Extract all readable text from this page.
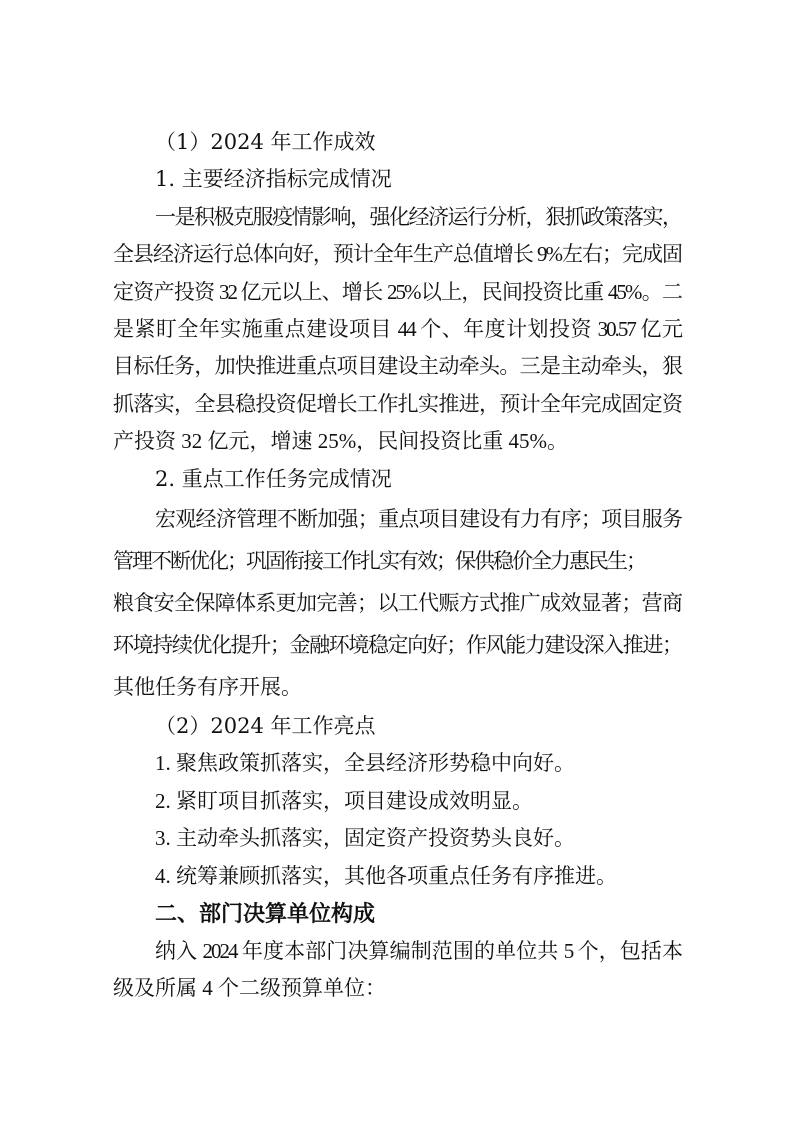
（1）2024 年工作成效
1. 主要经济指标完成情况
一是积极克服疫情影响，强化经济运行分析，狠抓政策落实，
全县经济运行总体向好，预计全年生产总值增长 9%左右；完成固
定资产投资 32 亿元以上、增长 25%以上，民间投资比重 45%。二
是紧盯全年实施重点建设项目 44 个、年度计划投资 30.57 亿元
目标任务，加快推进重点项目建设主动牵头。三是主动牵头，狠
抓落实，全县稳投资促增长工作扎实推进，预计全年完成固定资
产投资 32 亿元，增速 25%，民间投资比重 45%。
2. 重点工作任务完成情况
宏观经济管理不断加强；重点项目建设有力有序；项目服务
管理不断优化；巩固衔接工作扎实有效；保供稳价全力惠民生；
粮食安全保障体系更加完善；以工代赈方式推广成效显著；营商
环境持续优化提升；金融环境稳定向好；作风能力建设深入推进；
其他任务有序开展。
（2）2024 年工作亮点
1. 聚焦政策抓落实，全县经济形势稳中向好。
2. 紧盯项目抓落实，项目建设成效明显。
3. 主动牵头抓落实，固定资产投资势头良好。
4. 统筹兼顾抓落实，其他各项重点任务有序推进。
二、部门决算单位构成
纳入 2024 年度本部门决算编制范围的单位共 5 个，包括本
级及所属 4 个二级预算单位：
